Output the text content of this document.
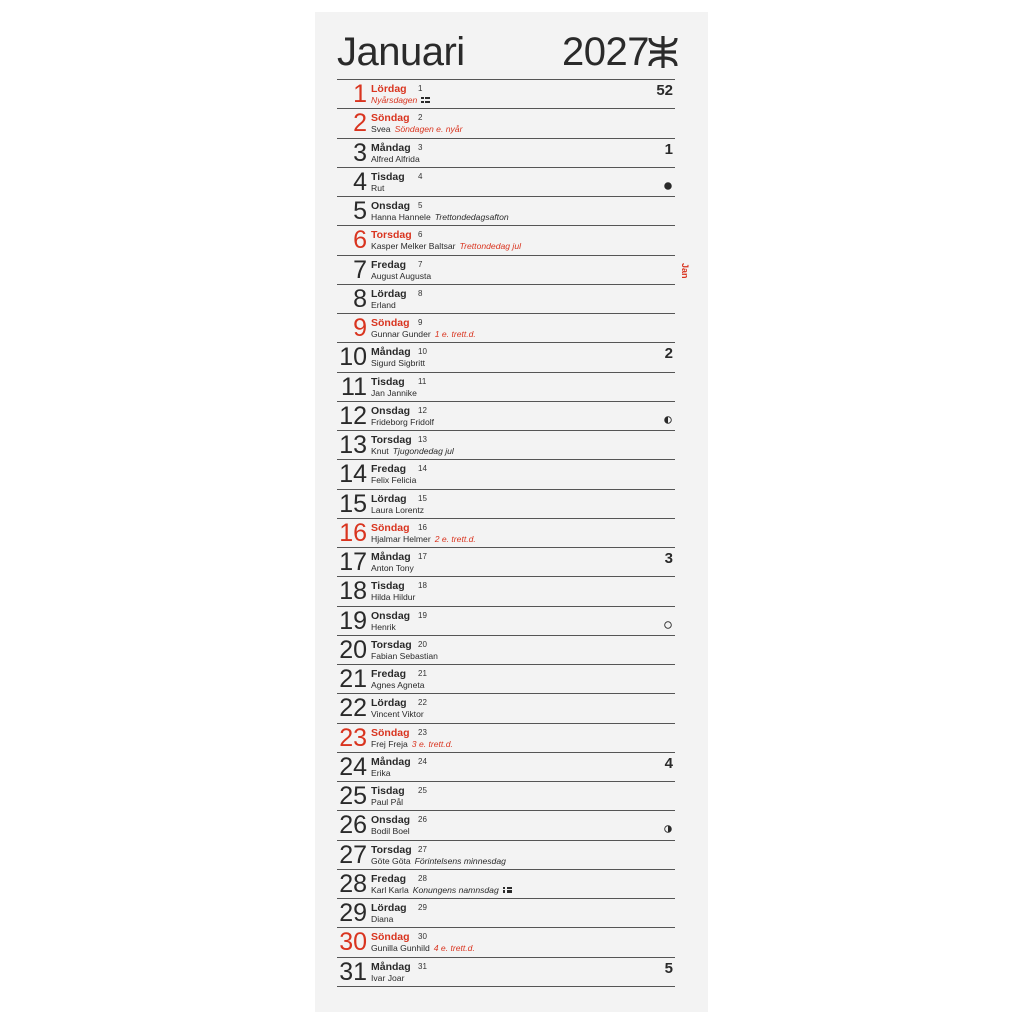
Januari 2027
1 Lördag 1
Nyårsdagen
52
2 Söndag 2
Svea Söndagen e. nyår
3 Måndag 3
Alfred Alfrida
1
4 Tisdag 4
Rut
5 Onsdag 5
Hanna Hannele Trettondedagsafton
6 Torsdag 6
Kasper Melker Baltsar Trettondedag jul
7 Fredag 7
August Augusta
8 Lördag 8
Erland
9 Söndag 9
Gunnar Gunder 1 e. trett.d.
10 Måndag 10
Sigurd Sigbritt
2
11 Tisdag 11
Jan Jannike
12 Onsdag 12
Frideborg Fridolf
13 Torsdag 13
Knut Tjugondedag jul
14 Fredag 14
Felix Felicia
15 Lördag 15
Laura Lorentz
16 Söndag 16
Hjalmar Helmer 2 e. trett.d.
17 Måndag 17
Anton Tony
3
18 Tisdag 18
Hilda Hildur
19 Onsdag 19
Henrik
20 Torsdag 20
Fabian Sebastian
21 Fredag 21
Agnes Agneta
22 Lördag 22
Vincent Viktor
23 Söndag 23
Frej Freja 3 e. trett.d.
24 Måndag 24
Erika
4
25 Tisdag 25
Paul Pål
26 Onsdag 26
Bodil Boel
27 Torsdag 27
Göte Göta Förintelsens minnesdag
28 Fredag 28
Karl Karla Konungens namnsdag
29 Lördag 29
Diana
30 Söndag 30
Gunilla Gunhild 4 e. trett.d.
31 Måndag 31
Ivar Joar
5
Jan
